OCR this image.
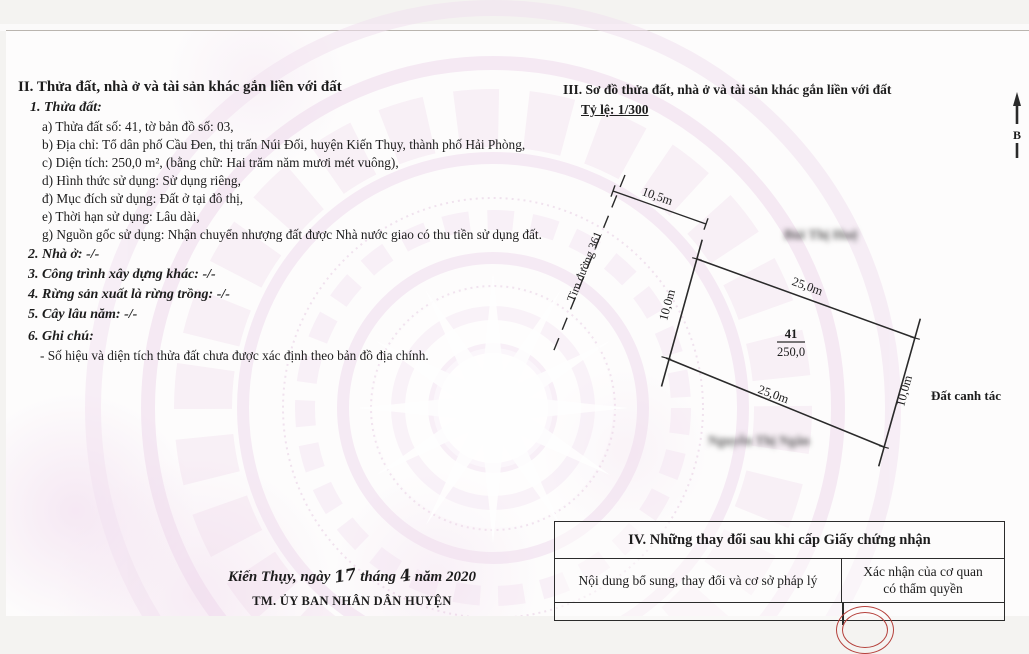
II. Thửa đất, nhà ở và tài sản khác gắn liền với đất
1. Thửa đất:
a) Thửa đất số: 41, tờ bản đồ số: 03,
b) Địa chỉ: Tổ dân phố Cầu Đen, thị trấn Núi Đối, huyện Kiến Thụy, thành phố Hải Phòng,
c) Diện tích: 250,0 m², (bằng chữ: Hai trăm năm mươi mét vuông),
d) Hình thức sử dụng: Sử dụng riêng,
đ) Mục đích sử dụng: Đất ở tại đô thị,
e) Thời hạn sử dụng: Lâu dài,
g) Nguồn gốc sử dụng: Nhận chuyển nhượng đất được Nhà nước giao có thu tiền sử dụng đất.
2. Nhà ở: -/-
3. Công trình xây dựng khác: -/-
4. Rừng sản xuất là rừng trồng: -/-
5. Cây lâu năm: -/-
6. Ghi chú:
- Số hiệu và diện tích thửa đất chưa được xác định theo bản đồ địa chính.
Kiến Thụy, ngày 17 tháng 4 năm 2020
TM. ỦY BAN NHÂN DÂN HUYỆN
III. Sơ đồ thửa đất, nhà ở và tài sản khác gắn liền với đất
Tỷ lệ: 1/300
B
Tim đường 361
10,5m
25,0m
10,0m
10,0m
25,0m
41
250,0
Đất canh tác
Bùi Thị Huệ
Nguyễn Thị Ngân
IV. Những thay đổi sau khi cấp Giấy chứng nhận
Nội dung bổ sung, thay đổi và cơ sở pháp lý
Xác nhận của cơ quan
có thẩm quyền
